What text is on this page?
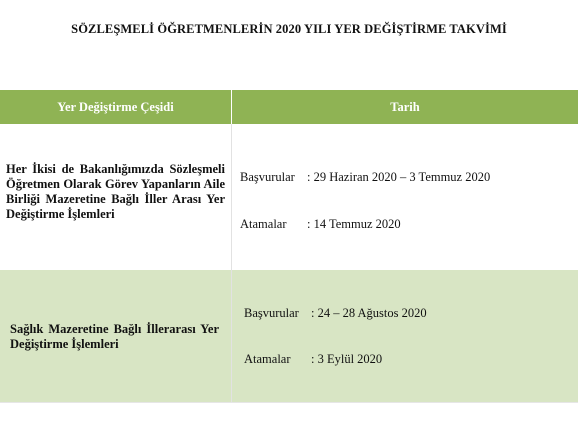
SÖZLEŞMELİ ÖĞRETMENLERİN 2020 YILI YER DEĞİŞTİRME TAKVİMİ
Yer Değiştirme Çeşidi	Tarih
Her İkisi de Bakanlığımızda Sözleşmeli Öğretmen Olarak Görev Yapanların Aile Birliği Mazeretine Bağlı İller Arası Yer Değiştirme İşlemleri
Başvurular : 29 Haziran 2020 – 3 Temmuz 2020
Atamalar : 14 Temmuz 2020
Sağlık Mazeretine Bağlı İllerarası Yer Değiştirme İşlemleri
Başvurular : 24 – 28 Ağustos 2020
Atamalar : 3 Eylül 2020
